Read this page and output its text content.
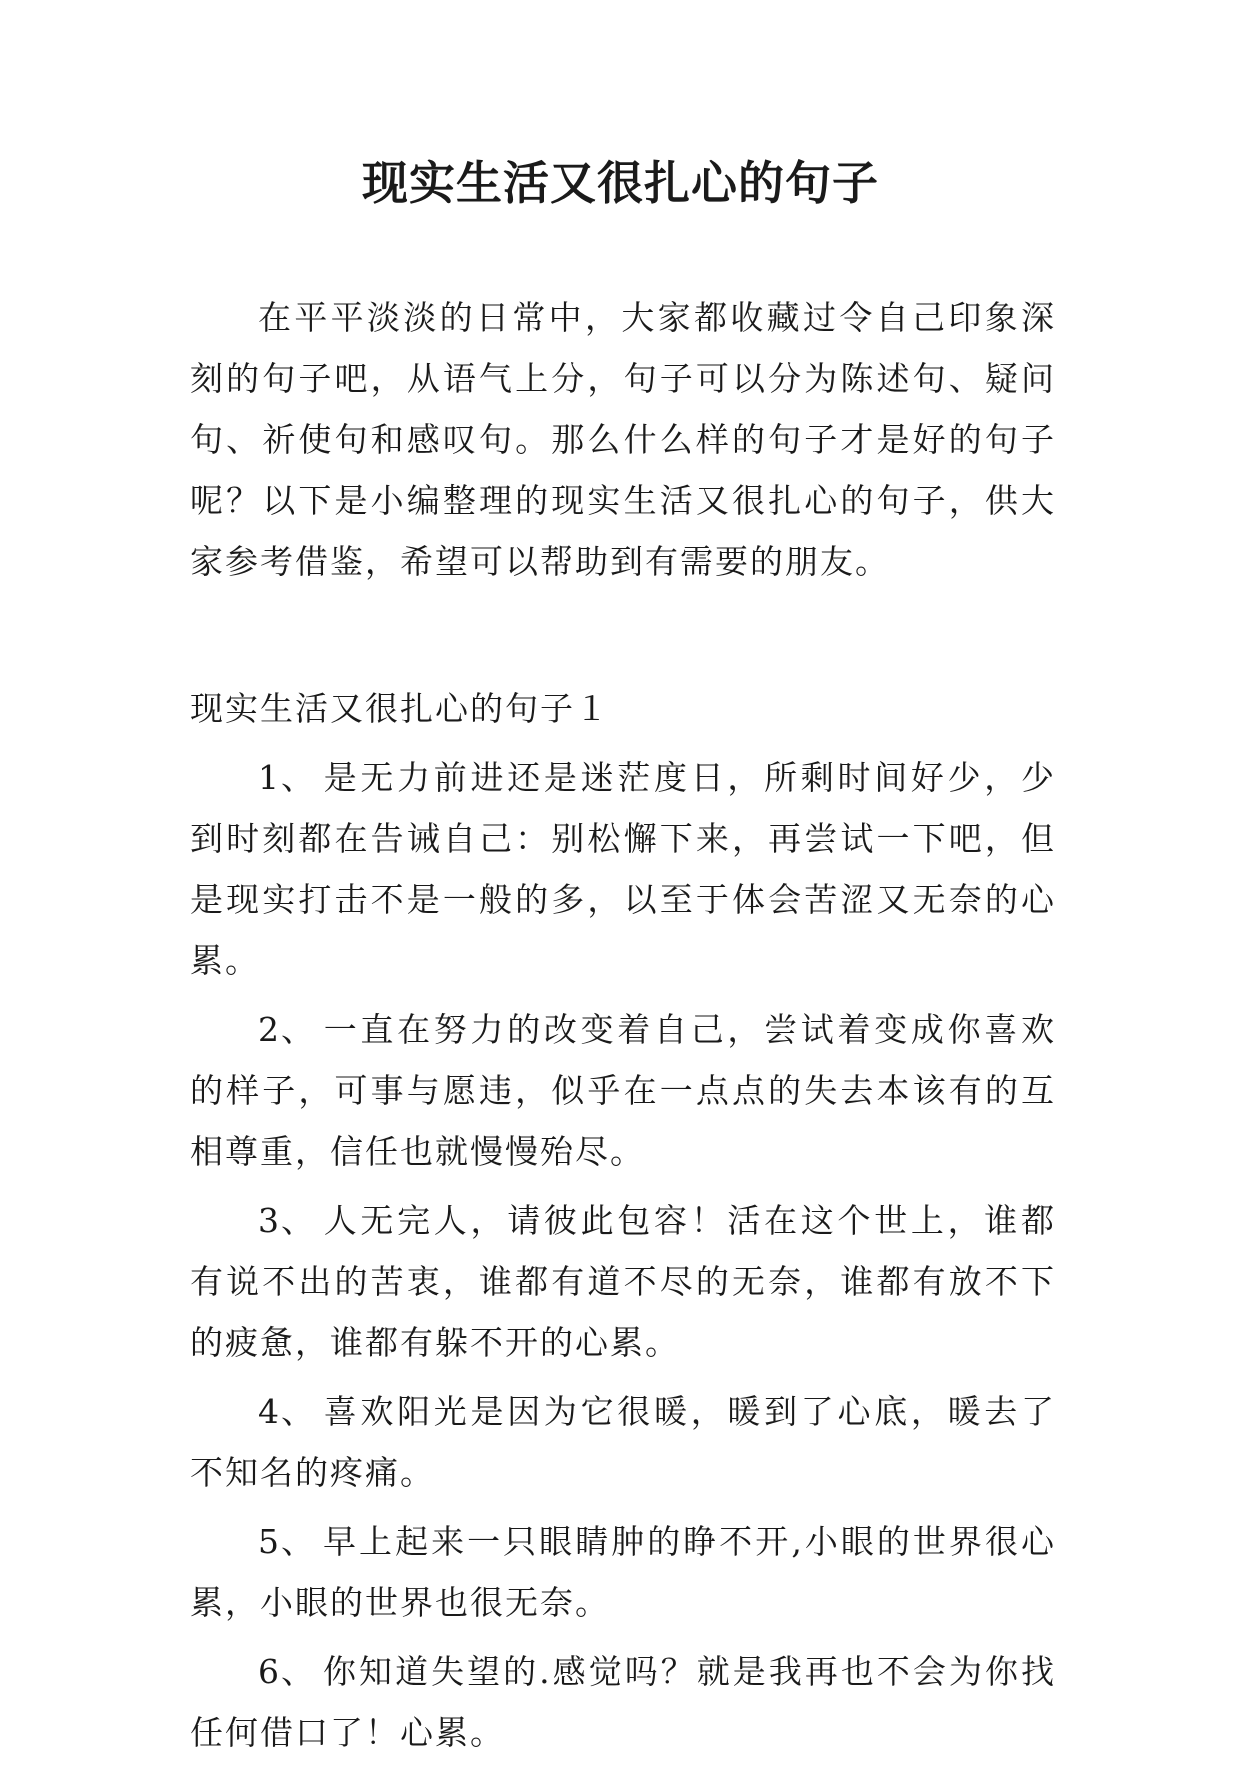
现实生活又很扎心的句子

在平平淡淡的日常中，大家都收藏过令自己印象深刻的句子吧，从语气上分，句子可以分为陈述句、疑问句、祈使句和感叹句。那么什么样的句子才是好的句子呢？以下是小编整理的现实生活又很扎心的句子，供大家参考借鉴，希望可以帮助到有需要的朋友。

现实生活又很扎心的句子１

1、 是无力前进还是迷茫度日，所剩时间好少，少到时刻都在告诫自己：别松懈下来，再尝试一下吧，但是现实打击不是一般的多，以至于体会苦涩又无奈的心累。

2、 一直在努力的改变着自己，尝试着变成你喜欢的样子，可事与愿违，似乎在一点点的失去本该有的互相尊重，信任也就慢慢殆尽。

3、 人无完人，请彼此包容！活在这个世上，谁都有说不出的苦衷，谁都有道不尽的无奈，谁都有放不下的疲惫，谁都有躲不开的心累。

4、 喜欢阳光是因为它很暖，暖到了心底，暖去了不知名的疼痛。

5、 早上起来一只眼睛肿的睁不开,小眼的世界很心累，小眼的世界也很无奈。

6、 你知道失望的.感觉吗？就是我再也不会为你找任何借口了！心累。
